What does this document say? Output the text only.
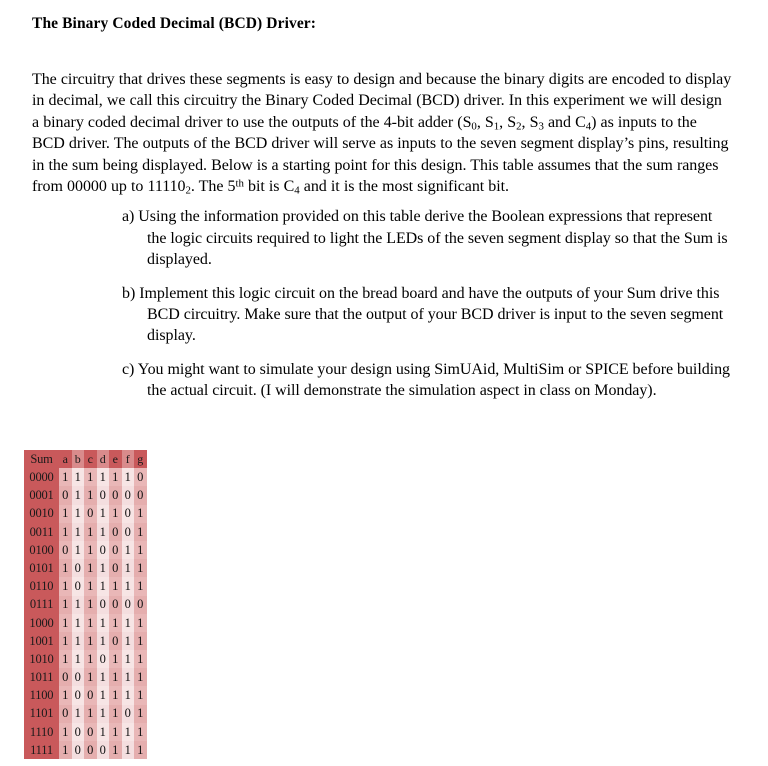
The Binary Coded Decimal (BCD) Driver:

The circuitry that drives these segments is easy to design and because the binary digits are encoded to display in decimal, we call this circuitry the Binary Coded Decimal (BCD) driver. In this experiment we will design a binary coded decimal driver to use the outputs of the 4-bit adder ($S_0$, $S_1$, $S_2$, $S_3$ and $C_4$) as inputs to the BCD driver. The outputs of the BCD driver will serve as inputs to the seven segment display’s pins, resulting in the sum being displayed. Below is a starting point for this design. This table assumes that the sum ranges from 00000 up to $11110_2$. The 5th bit is $C_4$ and it is the most significant bit.

a) Using the information provided on this table derive the Boolean expressions that represent the logic circuits required to light the LEDs of the seven segment display so that the Sum is displayed.
b) Implement this logic circuit on the bread board and have the outputs of your Sum drive this BCD circuitry. Make sure that the output of your BCD driver is input to the seven segment display.
c) You might want to simulate your design using SimUAid, MultiSim or SPICE before building the actual circuit. (I will demonstrate the simulation aspect in class on Monday).
Sum	a	b	c	d	e	f	g
0000	1	1	1	1	1	1	0
0001	0	1	1	0	0	0	0
0010	1	1	0	1	1	0	1
0011	1	1	1	1	0	0	1
0100	0	1	1	0	0	1	1
0101	1	0	1	1	0	1	1
0110	1	0	1	1	1	1	1
0111	1	1	1	0	0	0	0
1000	1	1	1	1	1	1	1
1001	1	1	1	1	0	1	1
1010	1	1	1	0	1	1	1
1011	0	0	1	1	1	1	1
1100	1	0	0	1	1	1	1
1101	0	1	1	1	1	0	1
1110	1	0	0	1	1	1	1
1111	1	0	0	0	1	1	1
